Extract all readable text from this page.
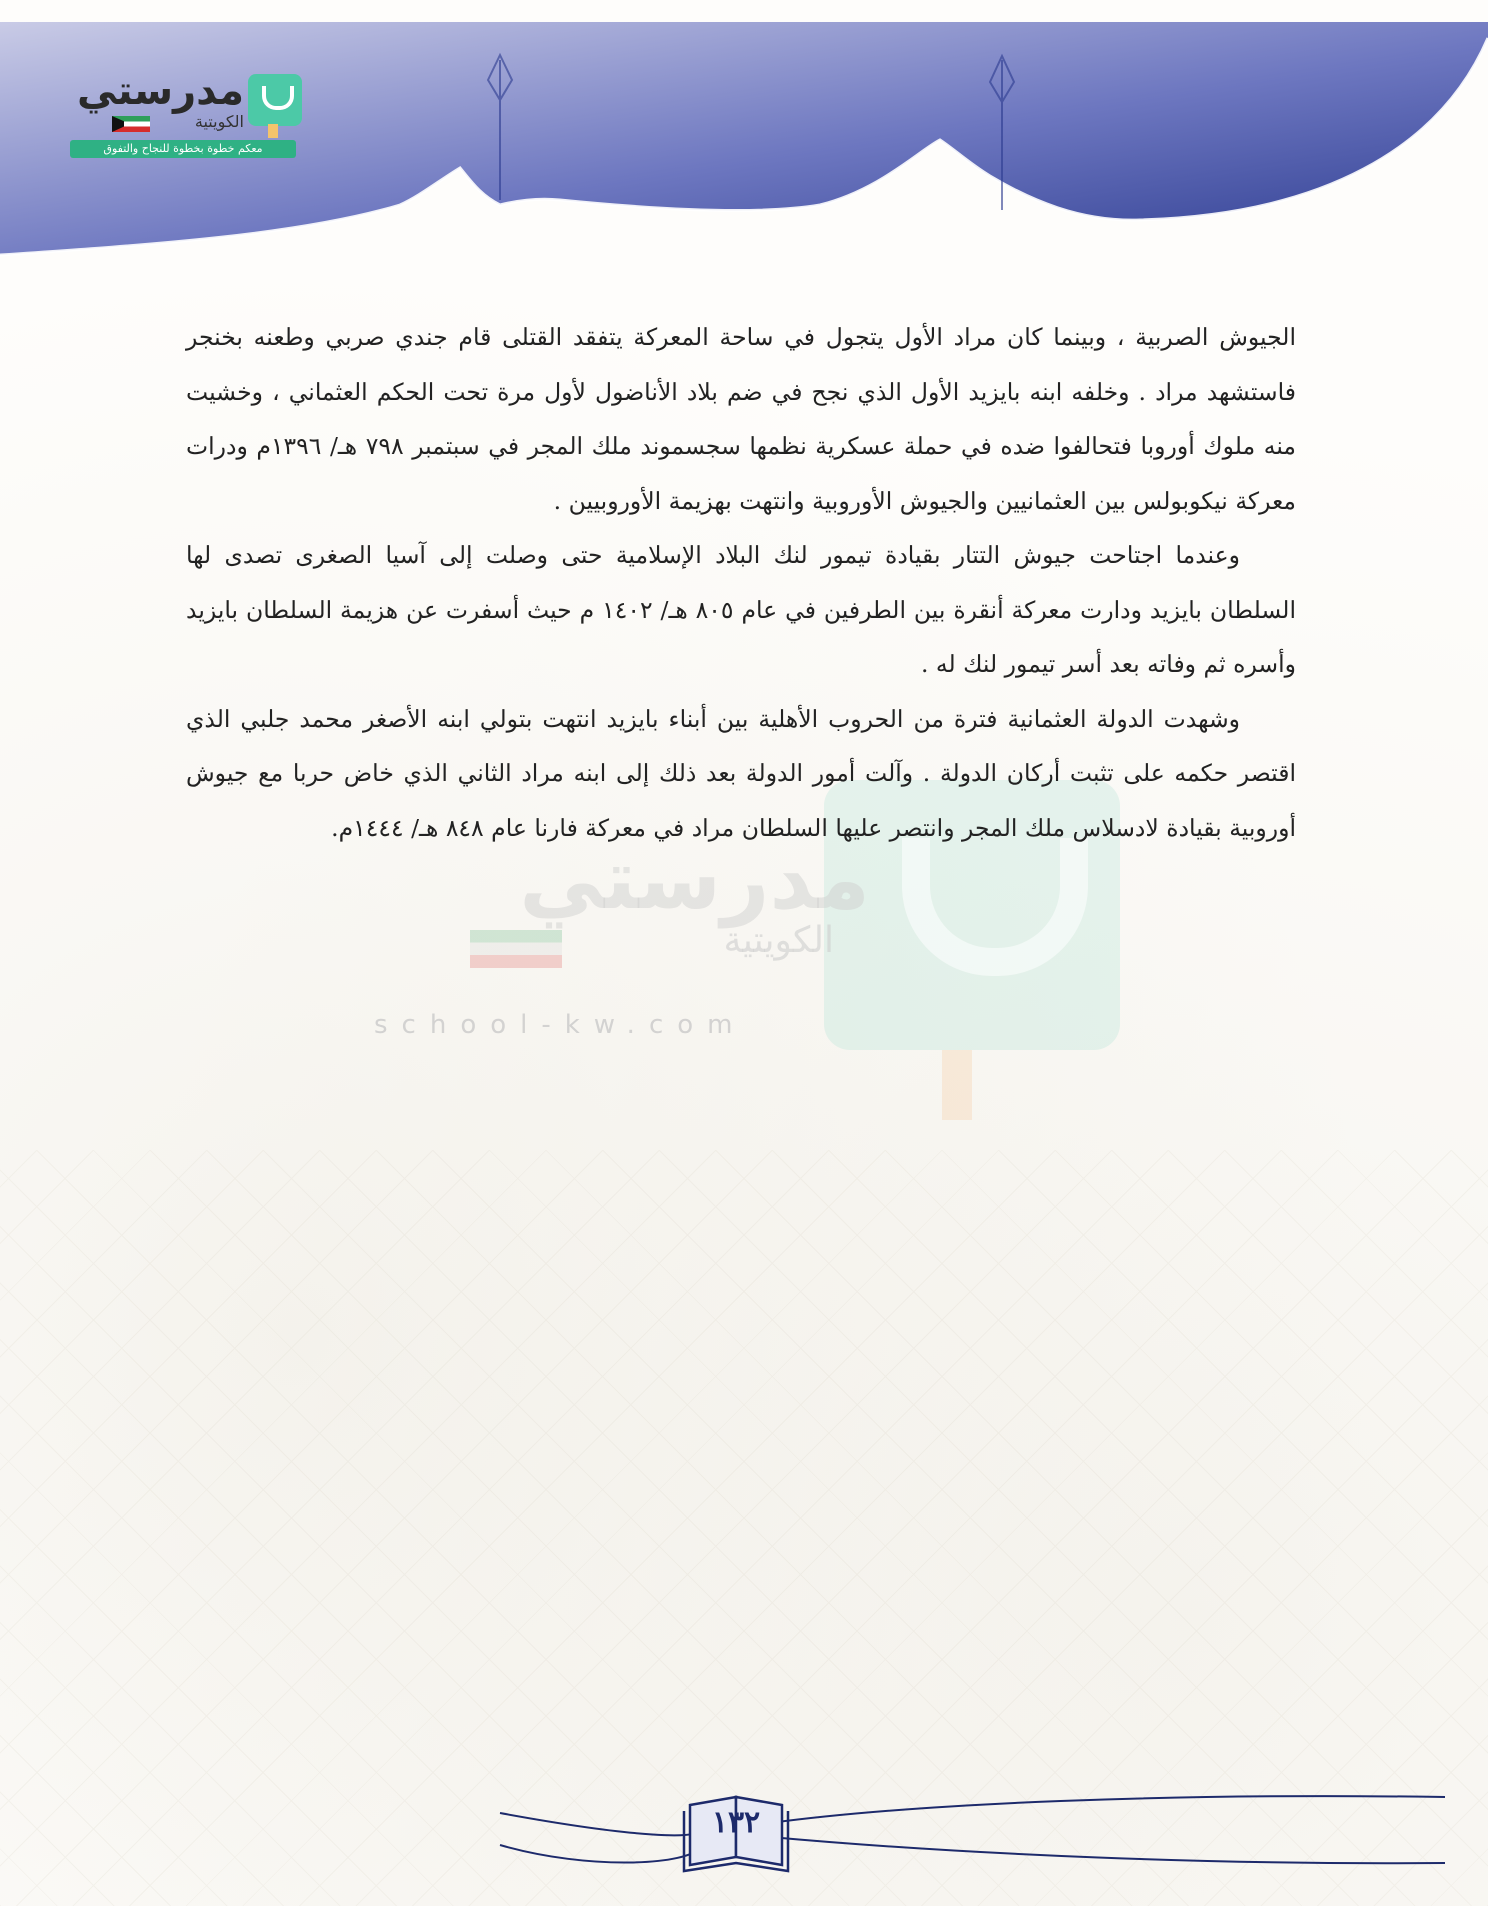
مدرستي
الكويتية
معكم خطوة بخطوة للنجاح والتفوق
مدرستي
الكويتية
school-kw.com

الجيوش الصربية ، وبينما كان مراد الأول يتجول في ساحة المعركة يتفقد القتلى قام جندي صربي وطعنه بخنجر فاستشهد مراد . وخلفه ابنه بايزيد الأول الذي نجح في ضم بلاد الأناضول لأول مرة تحت الحكم العثماني ، وخشيت منه ملوك أوروبا فتحالفوا ضده في حملة عسكرية نظمها سجسموند ملك المجر في سبتمبر ٧٩٨ هـ/ ١٣٩٦م ودرات معركة نيكوبولس بين العثمانيين والجيوش الأوروبية وانتهت بهزيمة الأوروبيين .

وعندما اجتاحت جيوش التتار بقيادة تيمور لنك البلاد الإسلامية حتى وصلت إلى آسيا الصغرى تصدى لها السلطان بايزيد ودارت معركة أنقرة بين الطرفين في عام ٨٠٥ هـ/ ١٤٠٢ م حيث أسفرت عن هزيمة السلطان بايزيد وأسره ثم وفاته بعد أسر تيمور لنك له .

وشهدت الدولة العثمانية فترة من الحروب الأهلية بين أبناء بايزيد انتهت بتولي ابنه الأصغر محمد جلبي الذي اقتصر حكمه على تثبت أركان الدولة . وآلت أمور الدولة بعد ذلك إلى ابنه مراد الثاني الذي خاض حربا مع جيوش أوروبية بقيادة لادسلاس ملك المجر وانتصر عليها السلطان مراد في معركة فارنا عام ٨٤٨ هـ/ ١٤٤٤م.

١٣٢
